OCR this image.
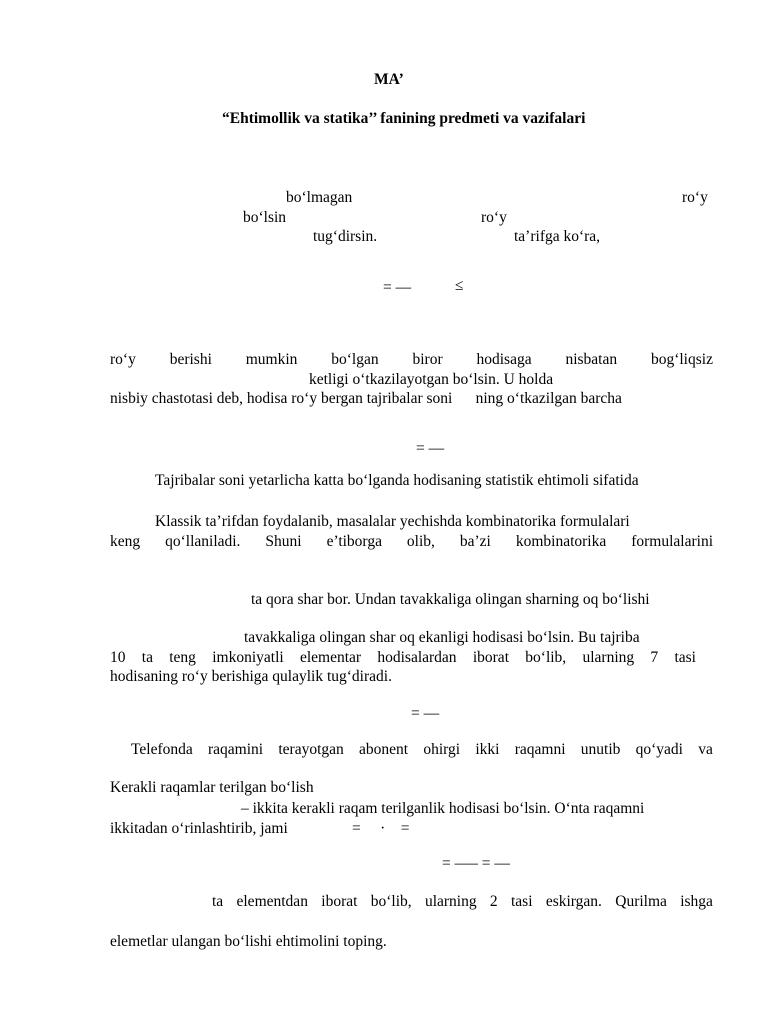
MA’
“Ehtimollik va statika’’ fanining predmeti va vazifalari
bo‘lmagan	ro‘y
bo‘lsin	ro‘y
tug‘dirsin.	ta’rifga ko‘ra,
= —	≤
ro‘y berishi mumkin bo‘lgan biror hodisaga nisbatan bog‘liqsiz
ketligi o‘tkazilayotgan bo‘lsin. U holda
nisbiy chastotasi deb, hodisa ro‘y bergan tajribalar soni      ning o‘tkazilgan barcha
= —
Tajribalar soni yetarlicha katta bo‘lganda hodisaning statistik ehtimoli sifatida
Klassik ta’rifdan foydalanib, masalalar yechishda kombinatorika formulalari
keng qo‘llaniladi. Shuni e’tiborga olib, ba’zi kombinatorika formulalarini
ta qora shar bor. Undan tavakkaliga olingan sharning oq bo‘lishi
tavakkaliga olingan shar oq ekanligi hodisasi bo‘lsin. Bu tajriba
10 ta teng imkoniyatli elementar hodisalardan iborat bo‘lib, ularning 7 tasi
hodisaning ro‘y berishiga qulaylik tug‘diradi.
= —
Telefonda raqamini terayotgan abonent ohirgi ikki raqamni unutib qo‘yadi va
Kerakli raqamlar terilgan bo‘lish
– ikkita kerakli raqam terilganlik hodisasi bo‘lsin. O‘nta raqamni
ikkitadan o‘rinlashtirib, jami	=     ·    =
= —– = —
ta elementdan iborat bo‘lib, ularning 2 tasi eskirgan. Qurilma ishga
elemetlar ulangan bo‘lishi ehtimolini toping.
